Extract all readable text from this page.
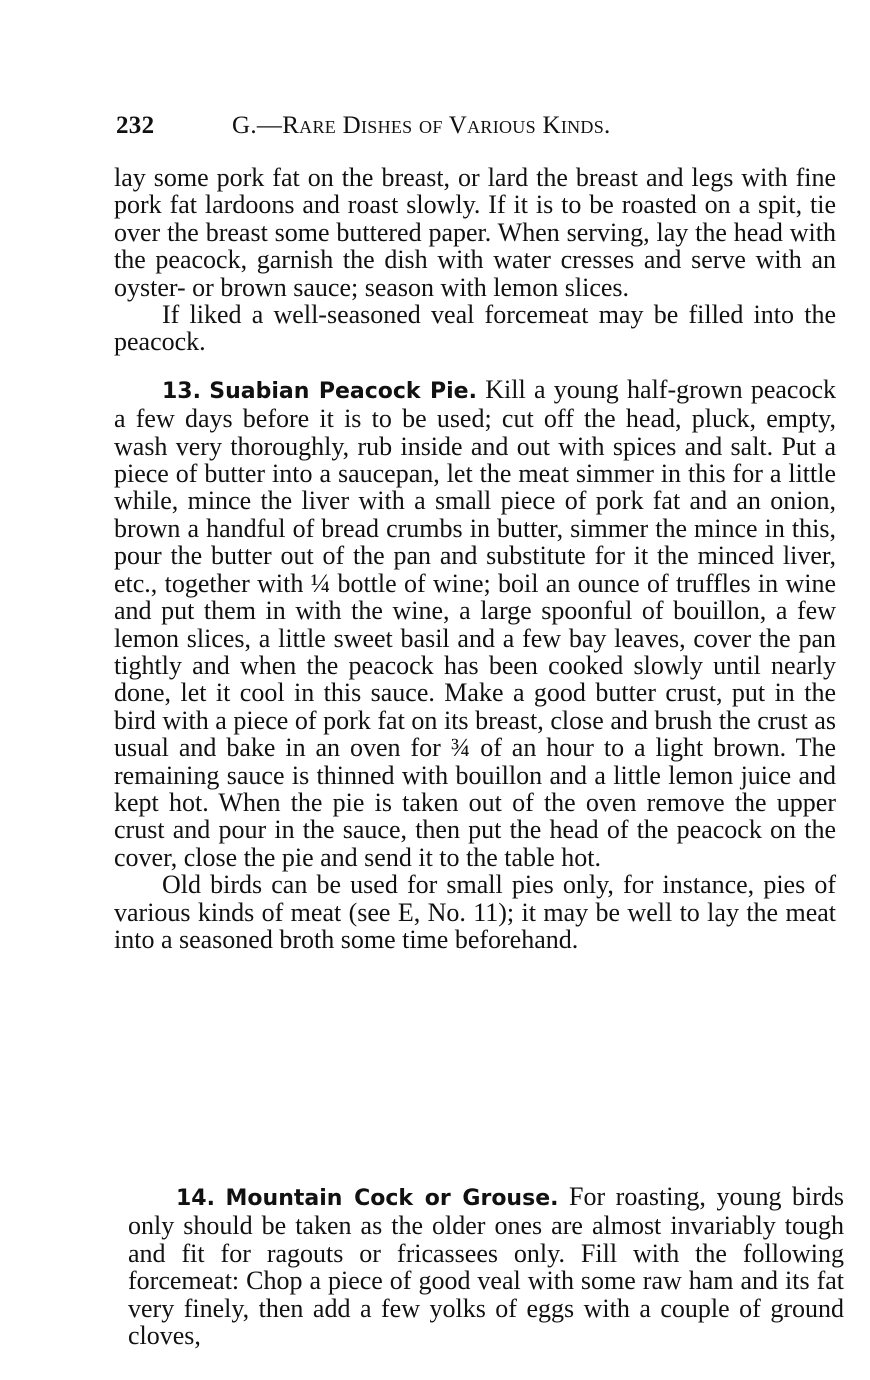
232	G.—Rare Dishes of Various Kinds.

lay some pork fat on the breast, or lard the breast and legs with fine pork fat lardoons and roast slowly. If it is to be roasted on a spit, tie over the breast some buttered paper. When serving, lay the head with the peacock, garnish the dish with water cresses and serve with an oyster- or brown sauce; season with lemon slices.

If liked a well-seasoned veal forcemeat may be filled into the peacock.

13. Suabian Peacock Pie. Kill a young half-grown peacock a few days before it is to be used; cut off the head, pluck, empty, wash very thoroughly, rub inside and out with spices and salt. Put a piece of butter into a saucepan, let the meat simmer in this for a little while, mince the liver with a small piece of pork fat and an onion, brown a handful of bread crumbs in butter, simmer the mince in this, pour the butter out of the pan and substitute for it the minced liver, etc., together with ¼ bottle of wine; boil an ounce of truffles in wine and put them in with the wine, a large spoonful of bouillon, a few lemon slices, a little sweet basil and a few bay leaves, cover the pan tightly and when the peacock has been cooked slowly until nearly done, let it cool in this sauce. Make a good butter crust, put in the bird with a piece of pork fat on its breast, close and brush the crust as usual and bake in an oven for ¾ of an hour to a light brown. The remaining sauce is thinned with bouillon and a little lemon juice and kept hot. When the pie is taken out of the oven remove the upper crust and pour in the sauce, then put the head of the peacock on the cover, close the pie and send it to the table hot.

Old birds can be used for small pies only, for instance, pies of various kinds of meat (see E, No. 11); it may be well to lay the meat into a seasoned broth some time beforehand.

14. Mountain Cock or Grouse. For roasting, young birds only should be taken as the older ones are almost invariably tough and fit for ragouts or fricassees only. Fill with the following forcemeat: Chop a piece of good veal with some raw ham and its fat very finely, then add a few yolks of eggs with a couple of ground cloves,
